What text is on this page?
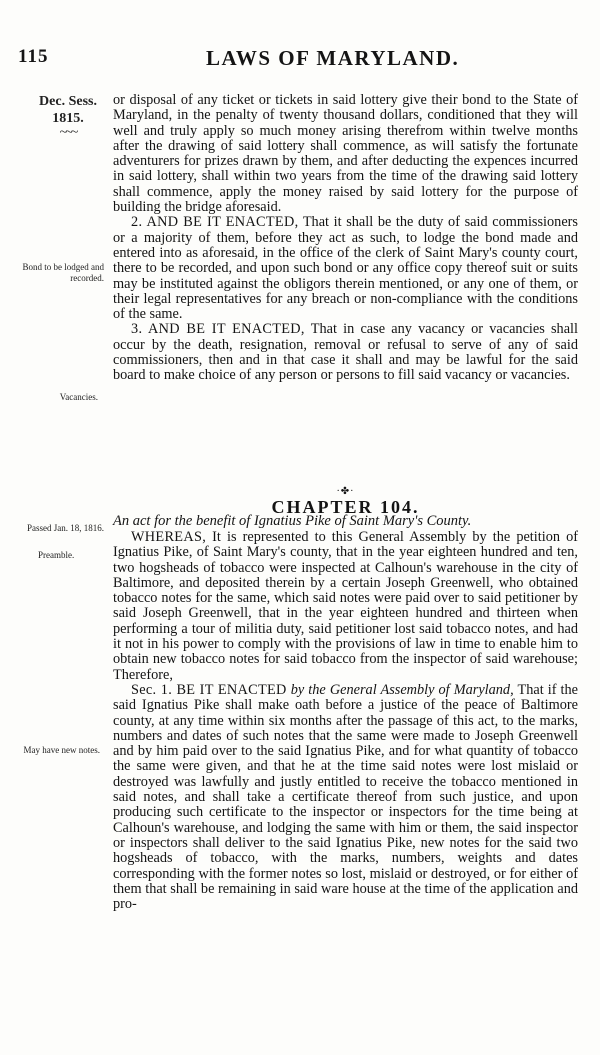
115	LAWS OF MARYLAND.
Dec. Sess.
1815.
~~~
Bond to be lodged and recorded.
Vacancies.
Passed Jan. 18, 1816.
Preamble.
May have new notes.

or disposal of any ticket or tickets in said lottery give their bond to the State of Maryland, in the penalty of twenty thousand dollars, conditioned that they will well and truly apply so much money arising therefrom within twelve months after the drawing of said lottery shall commence, as will satisfy the fortunate adventurers for prizes drawn by them, and after deducting the expences incurred in said lottery, shall within two years from the time of the drawing said lottery shall commence, apply the money raised by said lottery for the purpose of building the bridge aforesaid.

2. AND BE IT ENACTED, That it shall be the duty of said commissioners or a majority of them, before they act as such, to lodge the bond made and entered into as aforesaid, in the office of the clerk of Saint Mary's county court, there to be recorded, and upon such bond or any office copy thereof suit or suits may be instituted against the obligors therein mentioned, or any one of them, or their legal representatives for any breach or non-compliance with the conditions of the same.

3. AND BE IT ENACTED, That in case any vacancy or vacancies shall occur by the death, resignation, removal or refusal to serve of any of said commissioners, then and in that case it shall and may be lawful for the said board to make choice of any person or persons to fill said vacancy or vacancies.

·✤·
CHAPTER 104.
An act for the benefit of Ignatius Pike of Saint Mary's County.

WHEREAS, It is represented to this General Assembly by the petition of Ignatius Pike, of Saint Mary's county, that in the year eighteen hundred and ten, two hogsheads of tobacco were inspected at Calhoun's warehouse in the city of Baltimore, and deposited therein by a certain Joseph Greenwell, who obtained tobacco notes for the same, which said notes were paid over to said petitioner by said Joseph Greenwell, that in the year eighteen hundred and thirteen when performing a tour of militia duty, said petitioner lost said tobacco notes, and had it not in his power to comply with the provisions of law in time to enable him to obtain new tobacco notes for said tobacco from the inspector of said warehouse; Therefore,

Sec. 1. BE IT ENACTED by the General Assembly of Maryland, That if the said Ignatius Pike shall make oath before a justice of the peace of Baltimore county, at any time within six months after the passage of this act, to the marks, numbers and dates of such notes that the same were made to Joseph Greenwell and by him paid over to the said Ignatius Pike, and for what quantity of tobacco the same were given, and that he at the time said notes were lost mislaid or destroyed was lawfully and justly entitled to receive the tobacco mentioned in said notes, and shall take a certificate thereof from such justice, and upon producing such certificate to the inspector or inspectors for the time being at Calhoun's warehouse, and lodging the same with him or them, the said inspector or inspectors shall deliver to the said Ignatius Pike, new notes for the said two hogsheads of tobacco, with the marks, numbers, weights and dates corresponding with the former notes so lost, mislaid or destroyed, or for either of them that shall be remaining in said ware house at the time of the application and pro-
